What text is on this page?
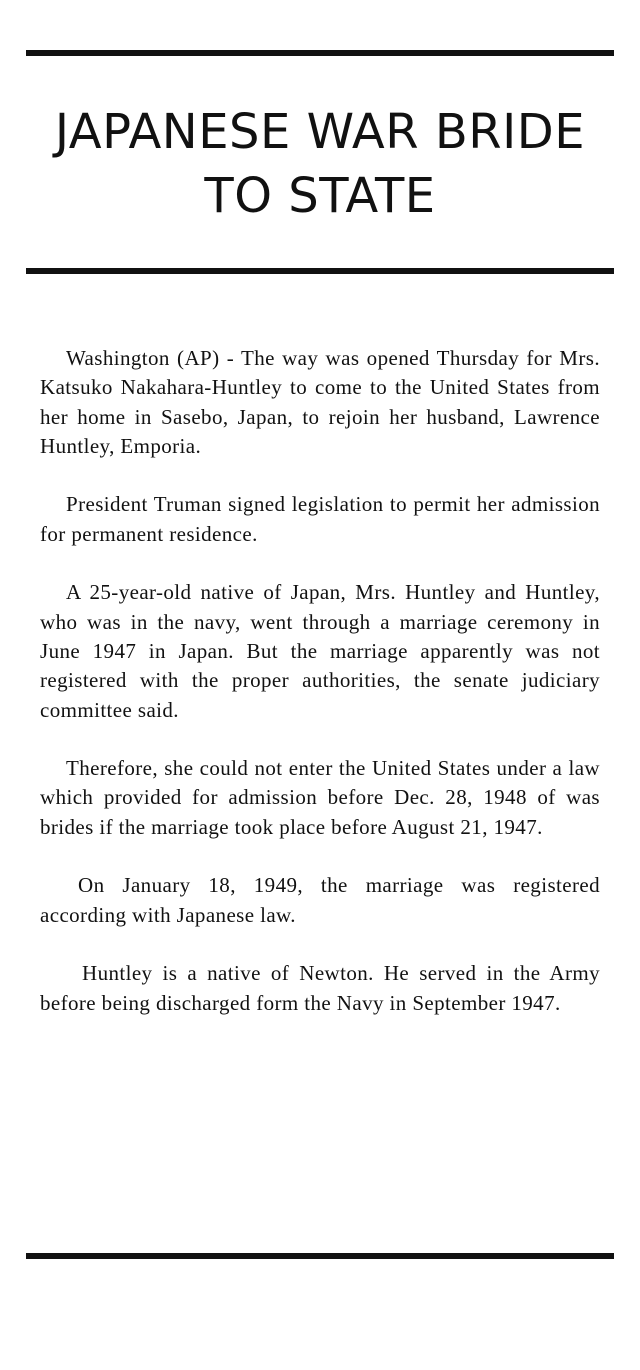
JAPANESE WAR BRIDE
TO STATE

Washington (AP) - The way was opened Thursday for Mrs. Katsuko Nakahara-Huntley to come to the United States from her home in Sasebo, Japan, to rejoin her husband, Lawrence Huntley, Emporia.

President Truman signed legislation to permit her admission for permanent residence.

A 25-year-old native of Japan, Mrs. Huntley and Huntley, who was in the navy, went through a marriage ceremony in June 1947 in Japan. But the marriage apparently was not registered with the proper authorities, the senate judiciary committee said.

Therefore, she could not enter the United States under a law which provided for admission before Dec. 28, 1948 of was brides if the marriage took place before August 21, 1947.

On January 18, 1949, the marriage was registered according with Japanese law.

Huntley is a native of Newton. He served in the Army before being discharged form the Navy in September 1947.
